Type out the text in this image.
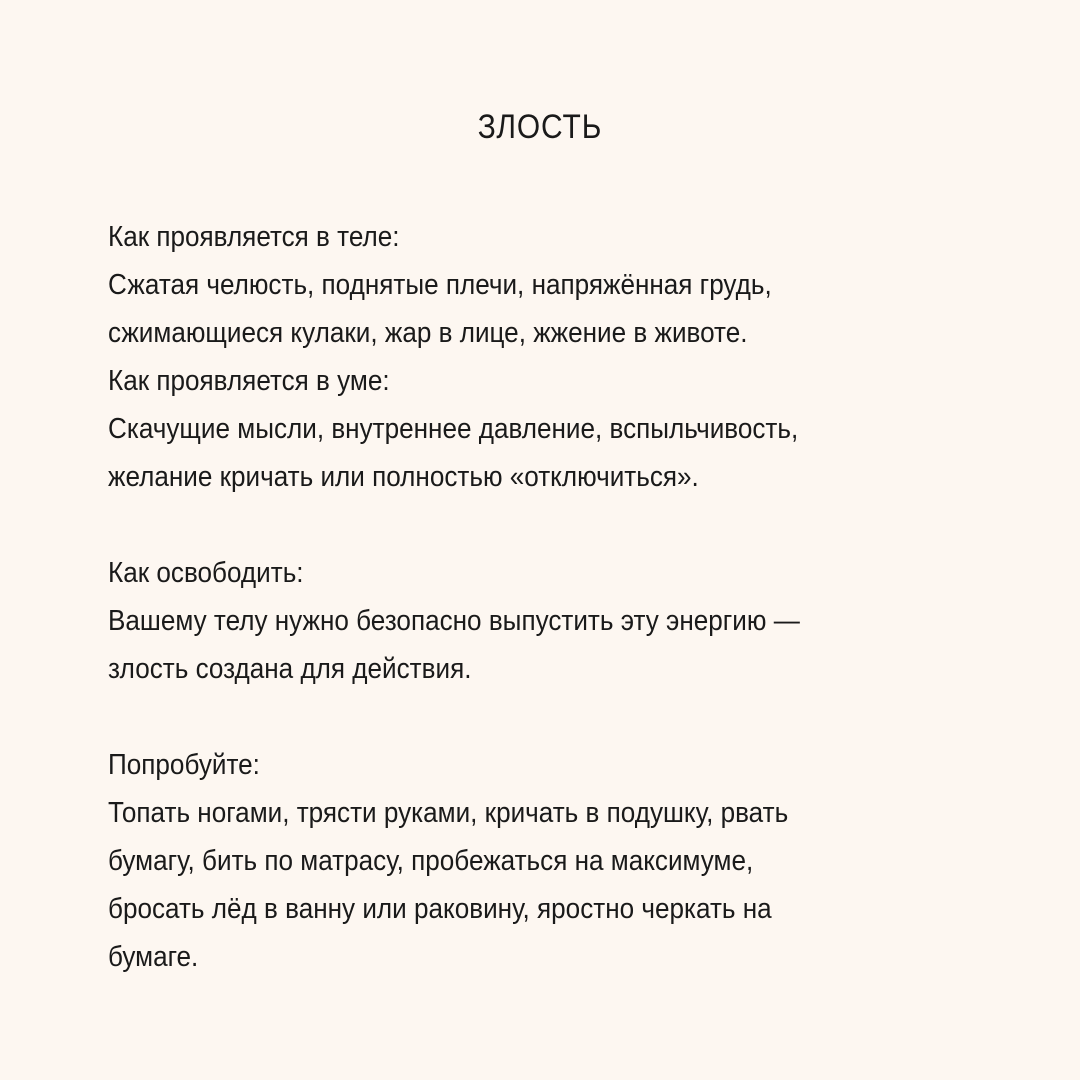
ЗЛОСТЬ
Как проявляется в теле:
Сжатая челюсть, поднятые плечи, напряжённая грудь,
сжимающиеся кулаки, жар в лице, жжение в животе.
Как проявляется в уме:
Скачущие мысли, внутреннее давление, вспыльчивость,
желание кричать или полностью «отключиться».
Как освободить:
Вашему телу нужно безопасно выпустить эту энергию —
злость создана для действия.
Попробуйте:
Топать ногами, трясти руками, кричать в подушку, рвать
бумагу, бить по матрасу, пробежаться на максимуме,
бросать лёд в ванну или раковину, яростно черкать на
бумаге.
